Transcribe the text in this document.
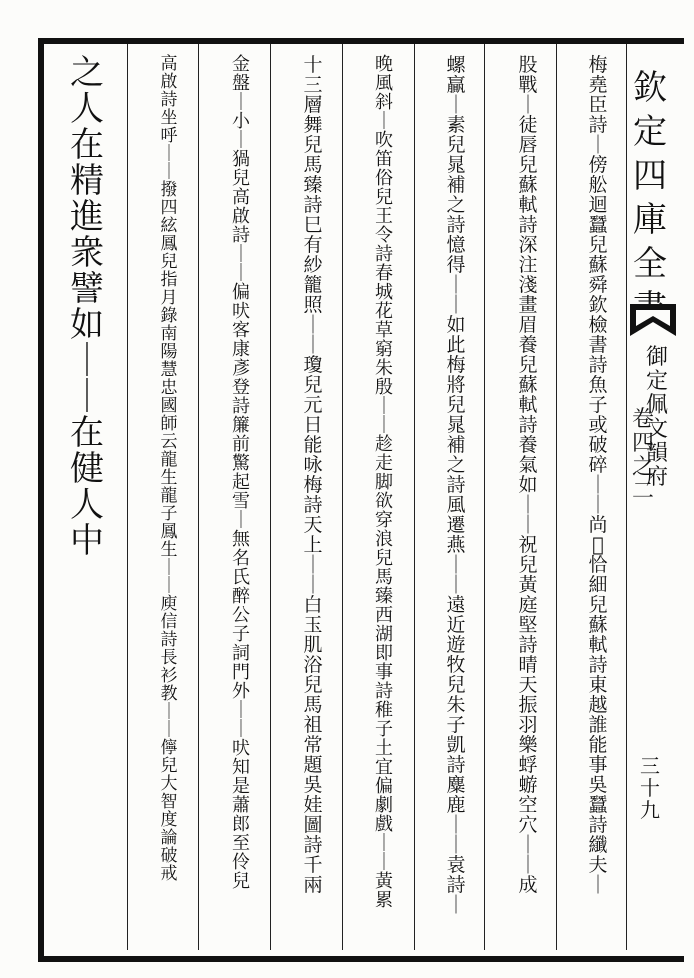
梅
堯
臣
詩
｜
傍
舩
迴
蠶
兒
蘇
舜
欽
檢
書
詩
魚
子
或
破
碎
｜
｜
尚
𭄠
恰
細
兒
蘇
軾
詩
東
越
誰
能
事
吳
蠶
詩
纖
夫
｜
股
戰
｜
徒
唇
兒
蘇
軾
詩
深
注
淺
畫
眉
養
兒
蘇
軾
詩
養
氣
如
｜
｜
祝
兒
黃
庭
堅
詩
晴
天
振
羽
樂
蜉
蝣
空
穴
｜
｜
成
螺
贏
｜
素
兒
晁
補
之
詩
憶
得
｜
｜
如
此
梅
將
兒
晁
補
之
詩
風
遷
燕
｜
｜
遠
近
遊
牧
兒
朱
子
凱
詩
麋
鹿
｜
｜
袁
詩
｜
晚
風
斜
｜
吹
笛
俗
兒
王
令
詩
春
城
花
草
窮
朱
殷
｜
｜
趁
走
脚
欲
穿
浪
兒
馬
臻
西
湖
即
事
詩
稚
子
土
宜
偏
劇
戲
｜
｜
黃
累
十
三
層
舞
兒
馬
臻
詩
巳
有
紗
籠
照
｜
｜
瓊
兒
元
日
能
咏
梅
詩
天
上
｜
｜
白
玉
肌
浴
兒
馬
祖
常
題
吳
娃
圖
詩
千
兩
金
盤
｜
小
｜
猧
兒
高
啟
詩
｜
｜
偏
吠
客
康
彥
登
詩
簾
前
驚
起
雪
｜
無
名
氏
醉
公
子
詞
門
外
｜
｜
吠
知
是
蕭
郎
至
伶
兒
高
啟
詩
坐
呼
｜
｜
撥
四
絃
鳳
兒
指
月
錄
南
陽
慧
忠
國
師
云
龍
生
龍
子
鳳
生
｜
｜
庾
信
詩
長
衫
教
｜
｜
儜
兒
大
智
度
論
破
戒
之
人
在
精
進
衆
譬
如
｜
｜
在
健
人
中
欽
定
四
庫
全
御
定
佩
文
韻
府
卷
四
之
二
三
十
九
